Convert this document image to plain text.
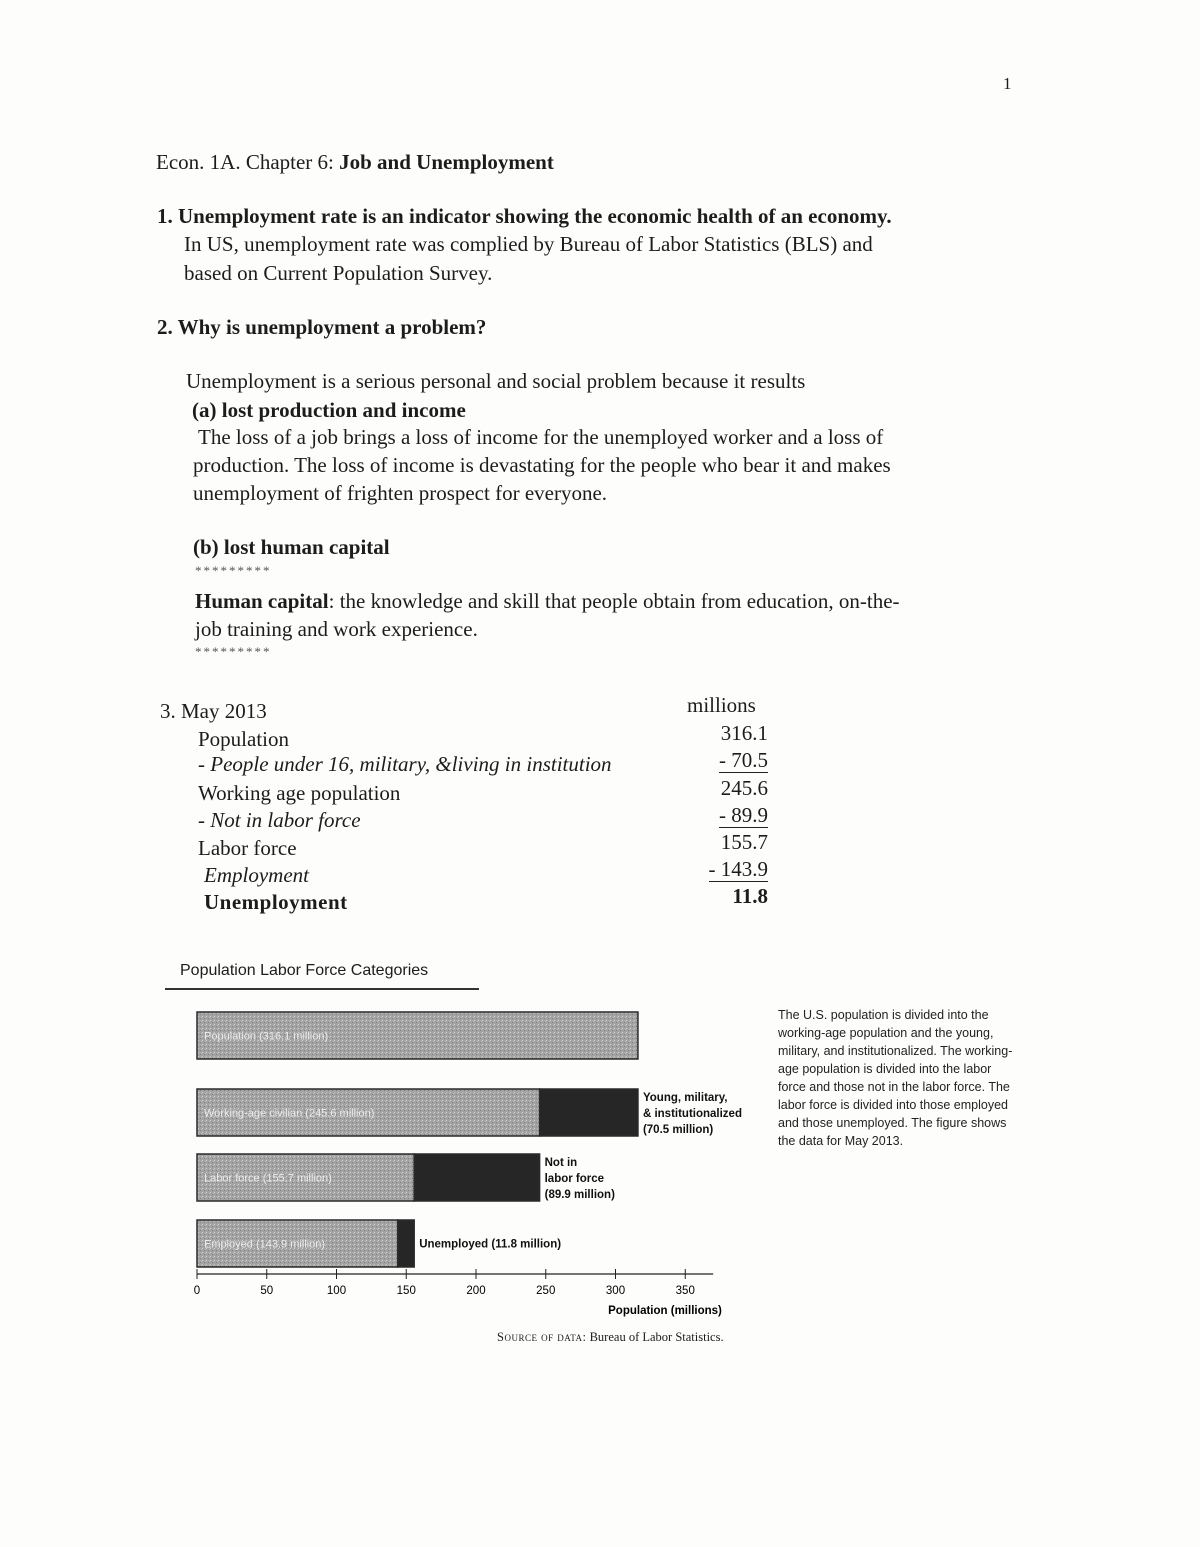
1

Econ. 1A. Chapter 6: Job and Unemployment

1. Unemployment rate is an indicator showing the economic health of an economy.

In US, unemployment rate was complied by Bureau of Labor Statistics (BLS) and

based on Current Population Survey.

2. Why is unemployment a problem?

Unemployment is a serious personal and social problem because it results

(a) lost production and income

The loss of a job brings a loss of income for the unemployed worker and a loss of

production. The loss of income is devastating for the people who bear it and makes

unemployment of frighten prospect for everyone.

(b) lost human capital

*********

Human capital: the knowledge and skill that people obtain from education, on-the-

job training and work experience.

*********

3. May 2013	millions

Population	316.1

- People under 16, military, &living in institution	- 70.5

Working age population	245.6

- Not in labor force	- 89.9

Labor force	155.7

Employment	- 143.9

Unemployment	11.8

Population Labor Force Categories

Population (316.1 million)
Working-age civilian (245.6 million)
Young, military,
& institutionalized
(70.5 million)
Labor force (155.7 million)
Not in
labor force
(89.9 million)
Employed (143.9 million)	Unemployed (11.8 million)
0	50	100	150	200	250	300	350
Population (millions)

The U.S. population is divided into the working-age population and the young, military, and institutionalized. The working-age population is divided into the labor force and those not in the labor force. The labor force is divided into those employed and those unemployed. The figure shows the data for May 2013.

Source of data: Bureau of Labor Statistics.
